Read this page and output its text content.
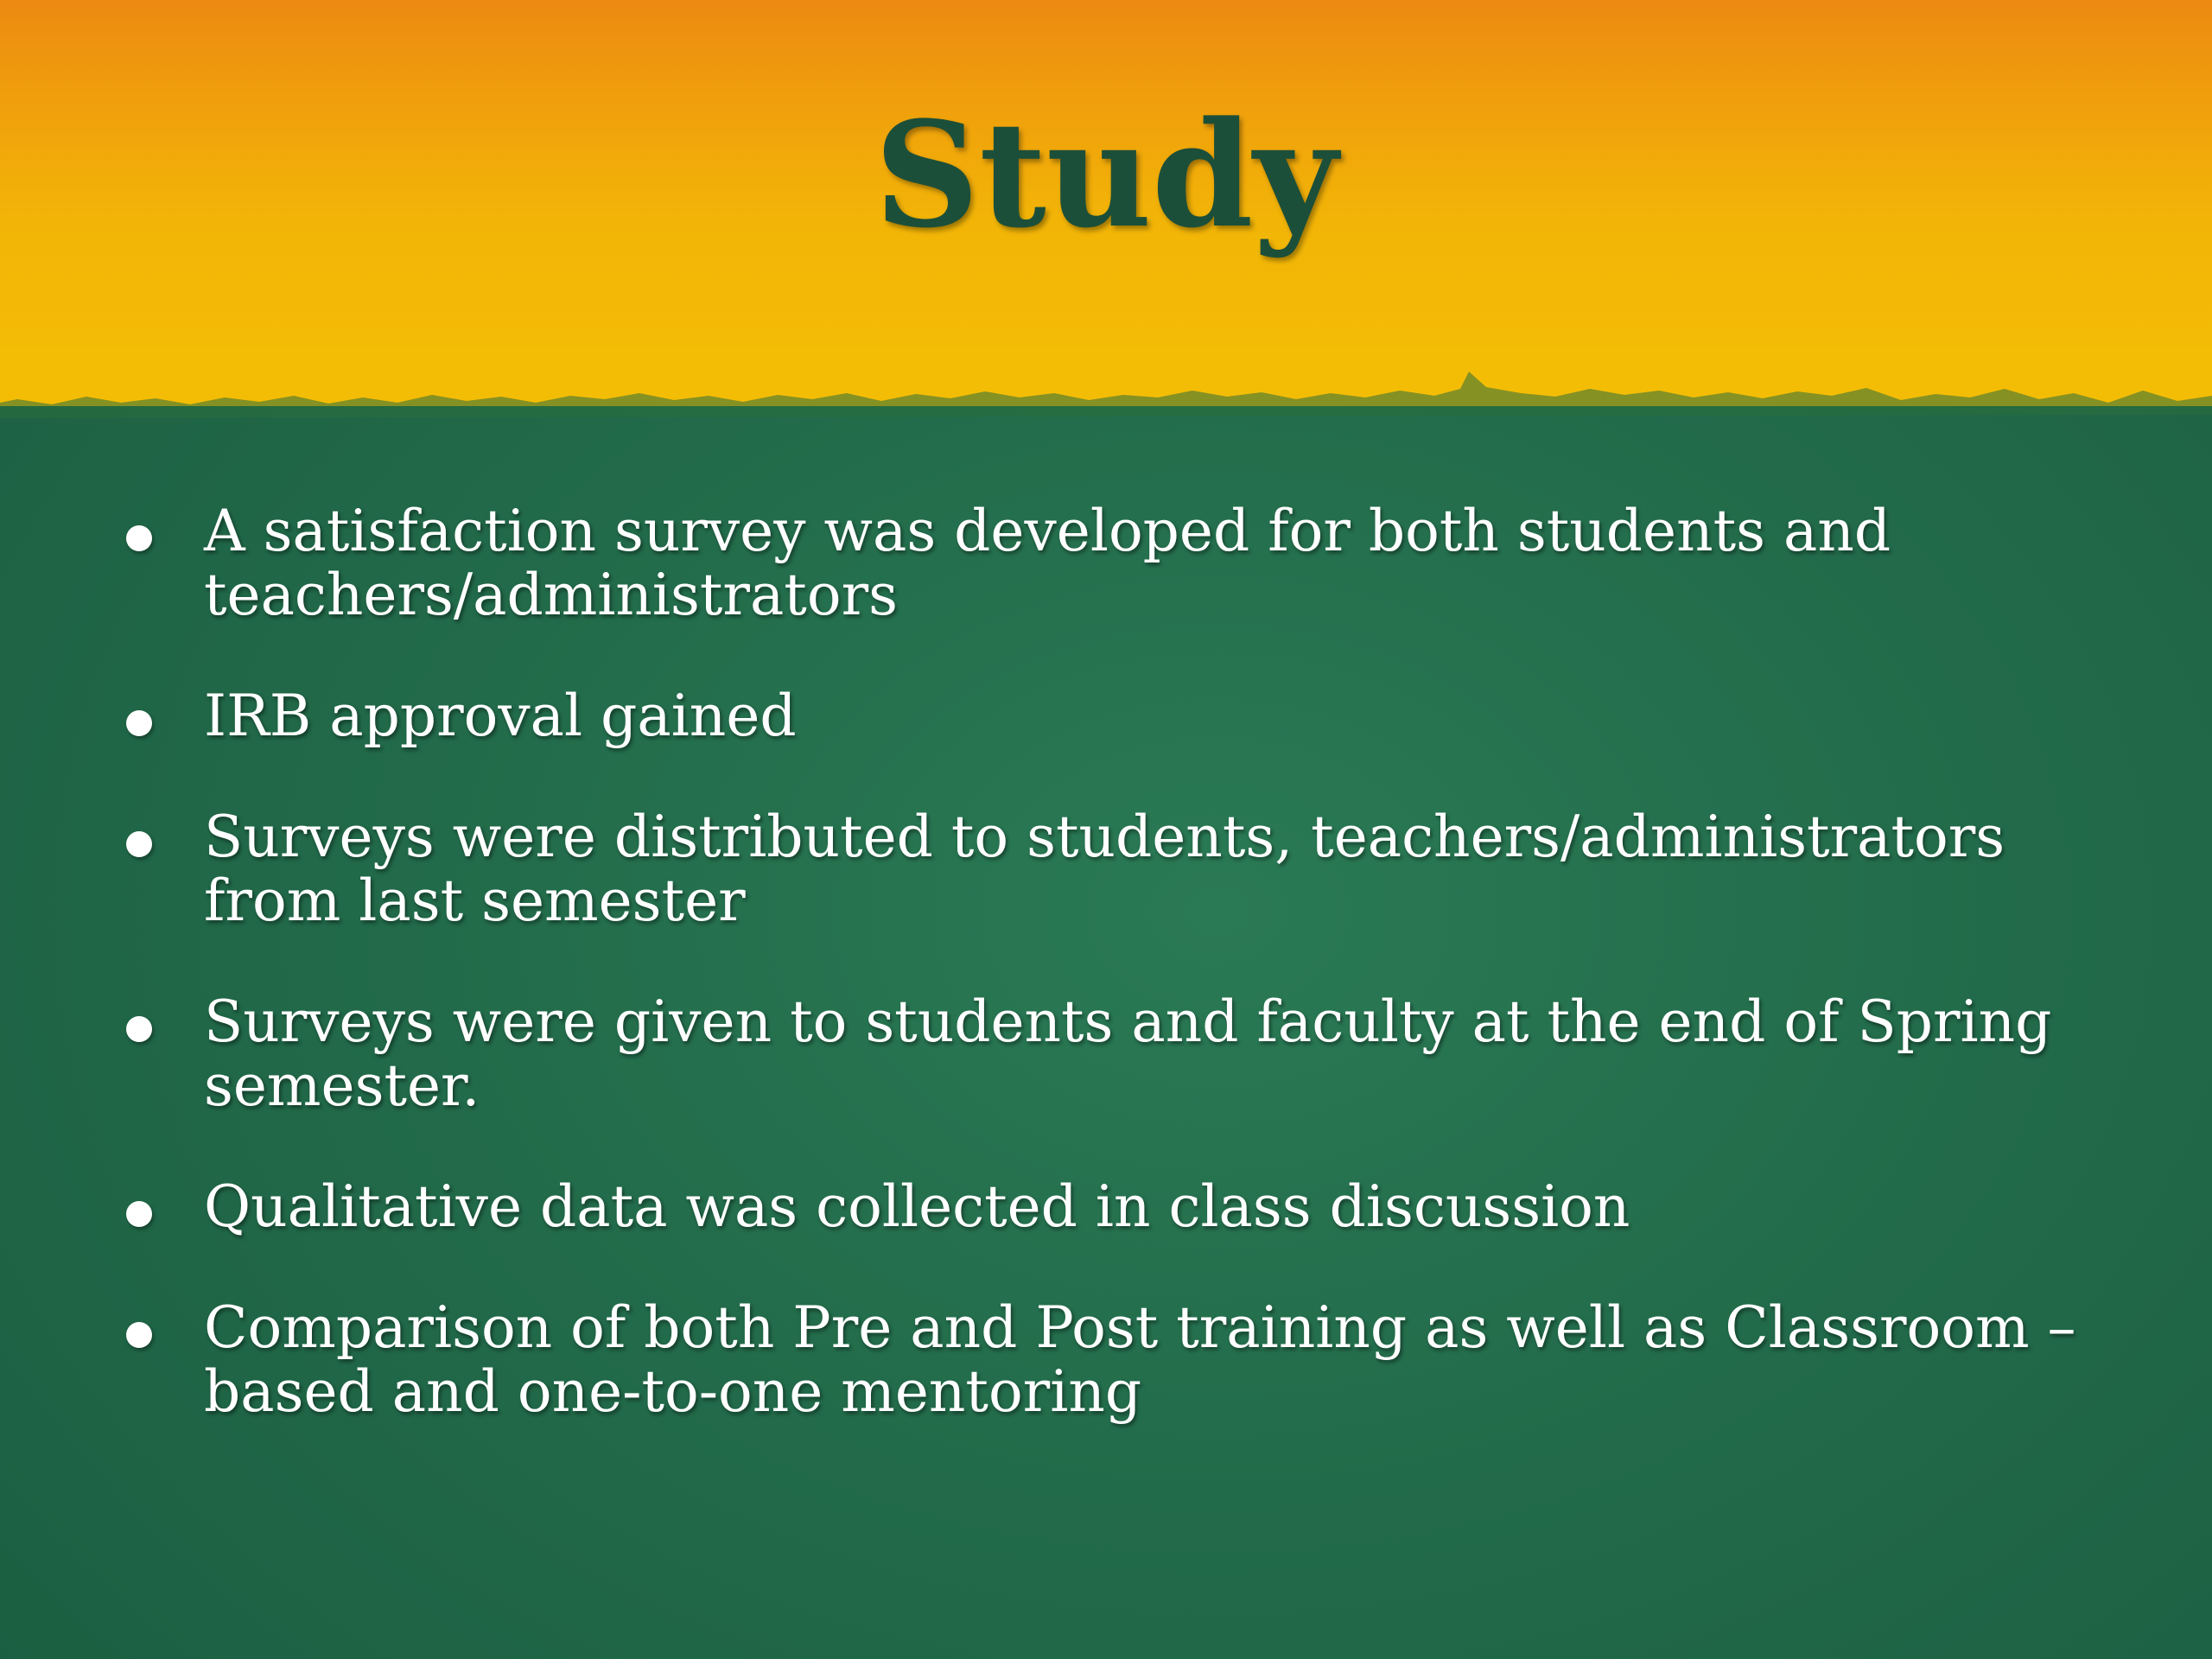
Study
A satisfaction survey was developed for both students and teachers/administrators
IRB approval gained
Surveys were distributed to students, teachers/administrators from last semester
Surveys were given to students and faculty at the end of Spring semester.
Qualitative data was collected in class discussion
Comparison of both Pre and Post training as well as Classroom –based and one-to-one mentoring
